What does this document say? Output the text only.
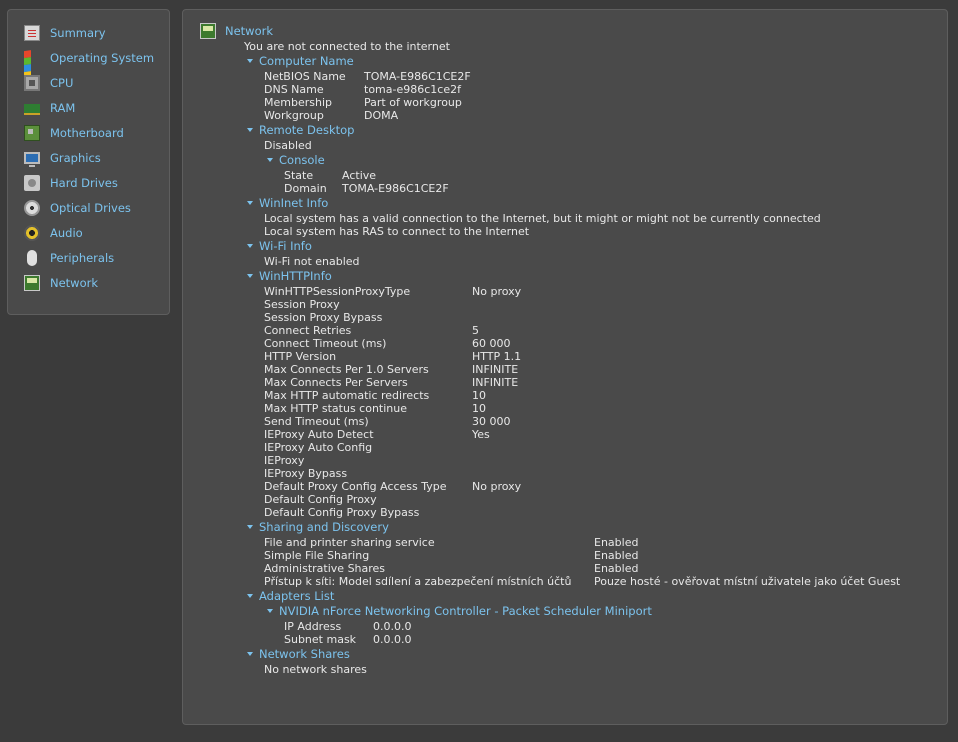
Summary
Operating System
CPU
RAM
Motherboard
Graphics
Hard Drives
Optical Drives
Audio
Peripherals
Network
Network
You are not connected to the internet
Computer Name
NetBIOS Name TOMA-E986C1CE2F
DNS Name	toma-e986c1ce2f
Membership	Part of workgroup
Workgroup	DOMA
Remote Desktop
Disabled
Console
State	Active
Domain TOMA-E986C1CE2F
WinInet Info
Local system has a valid connection to the Internet, but it might or might not be currently connected
Local system has RAS to connect to the Internet
Wi-Fi Info
Wi-Fi not enabled
WinHTTPInfo
WinHTTPSessionProxyType	No proxy
Session Proxy
Session Proxy Bypass
Connect Retries	5
Connect Timeout (ms)	60 000
HTTP Version	HTTP 1.1
Max Connects Per 1.0 Servers	INFINITE
Max Connects Per Servers	INFINITE
Max HTTP automatic redirects	10
Max HTTP status continue	10
Send Timeout (ms)	30 000
IEProxy Auto Detect	Yes
IEProxy Auto Config
IEProxy
IEProxy Bypass
Default Proxy Config Access Type No proxy
Default Config Proxy
Default Config Proxy Bypass
Sharing and Discovery
File and printer sharing service	Enabled
Simple File Sharing	Enabled
Administrative Shares	Enabled
Přístup k síti: Model sdílení a zabezpečení místních účtů Pouze hosté - ověřovat místní uživatele jako účet Guest
Adapters List
NVIDIA nForce Networking Controller - Packet Scheduler Miniport
IP Address	0.0.0.0
Subnet mask 0.0.0.0
Network Shares
No network shares
